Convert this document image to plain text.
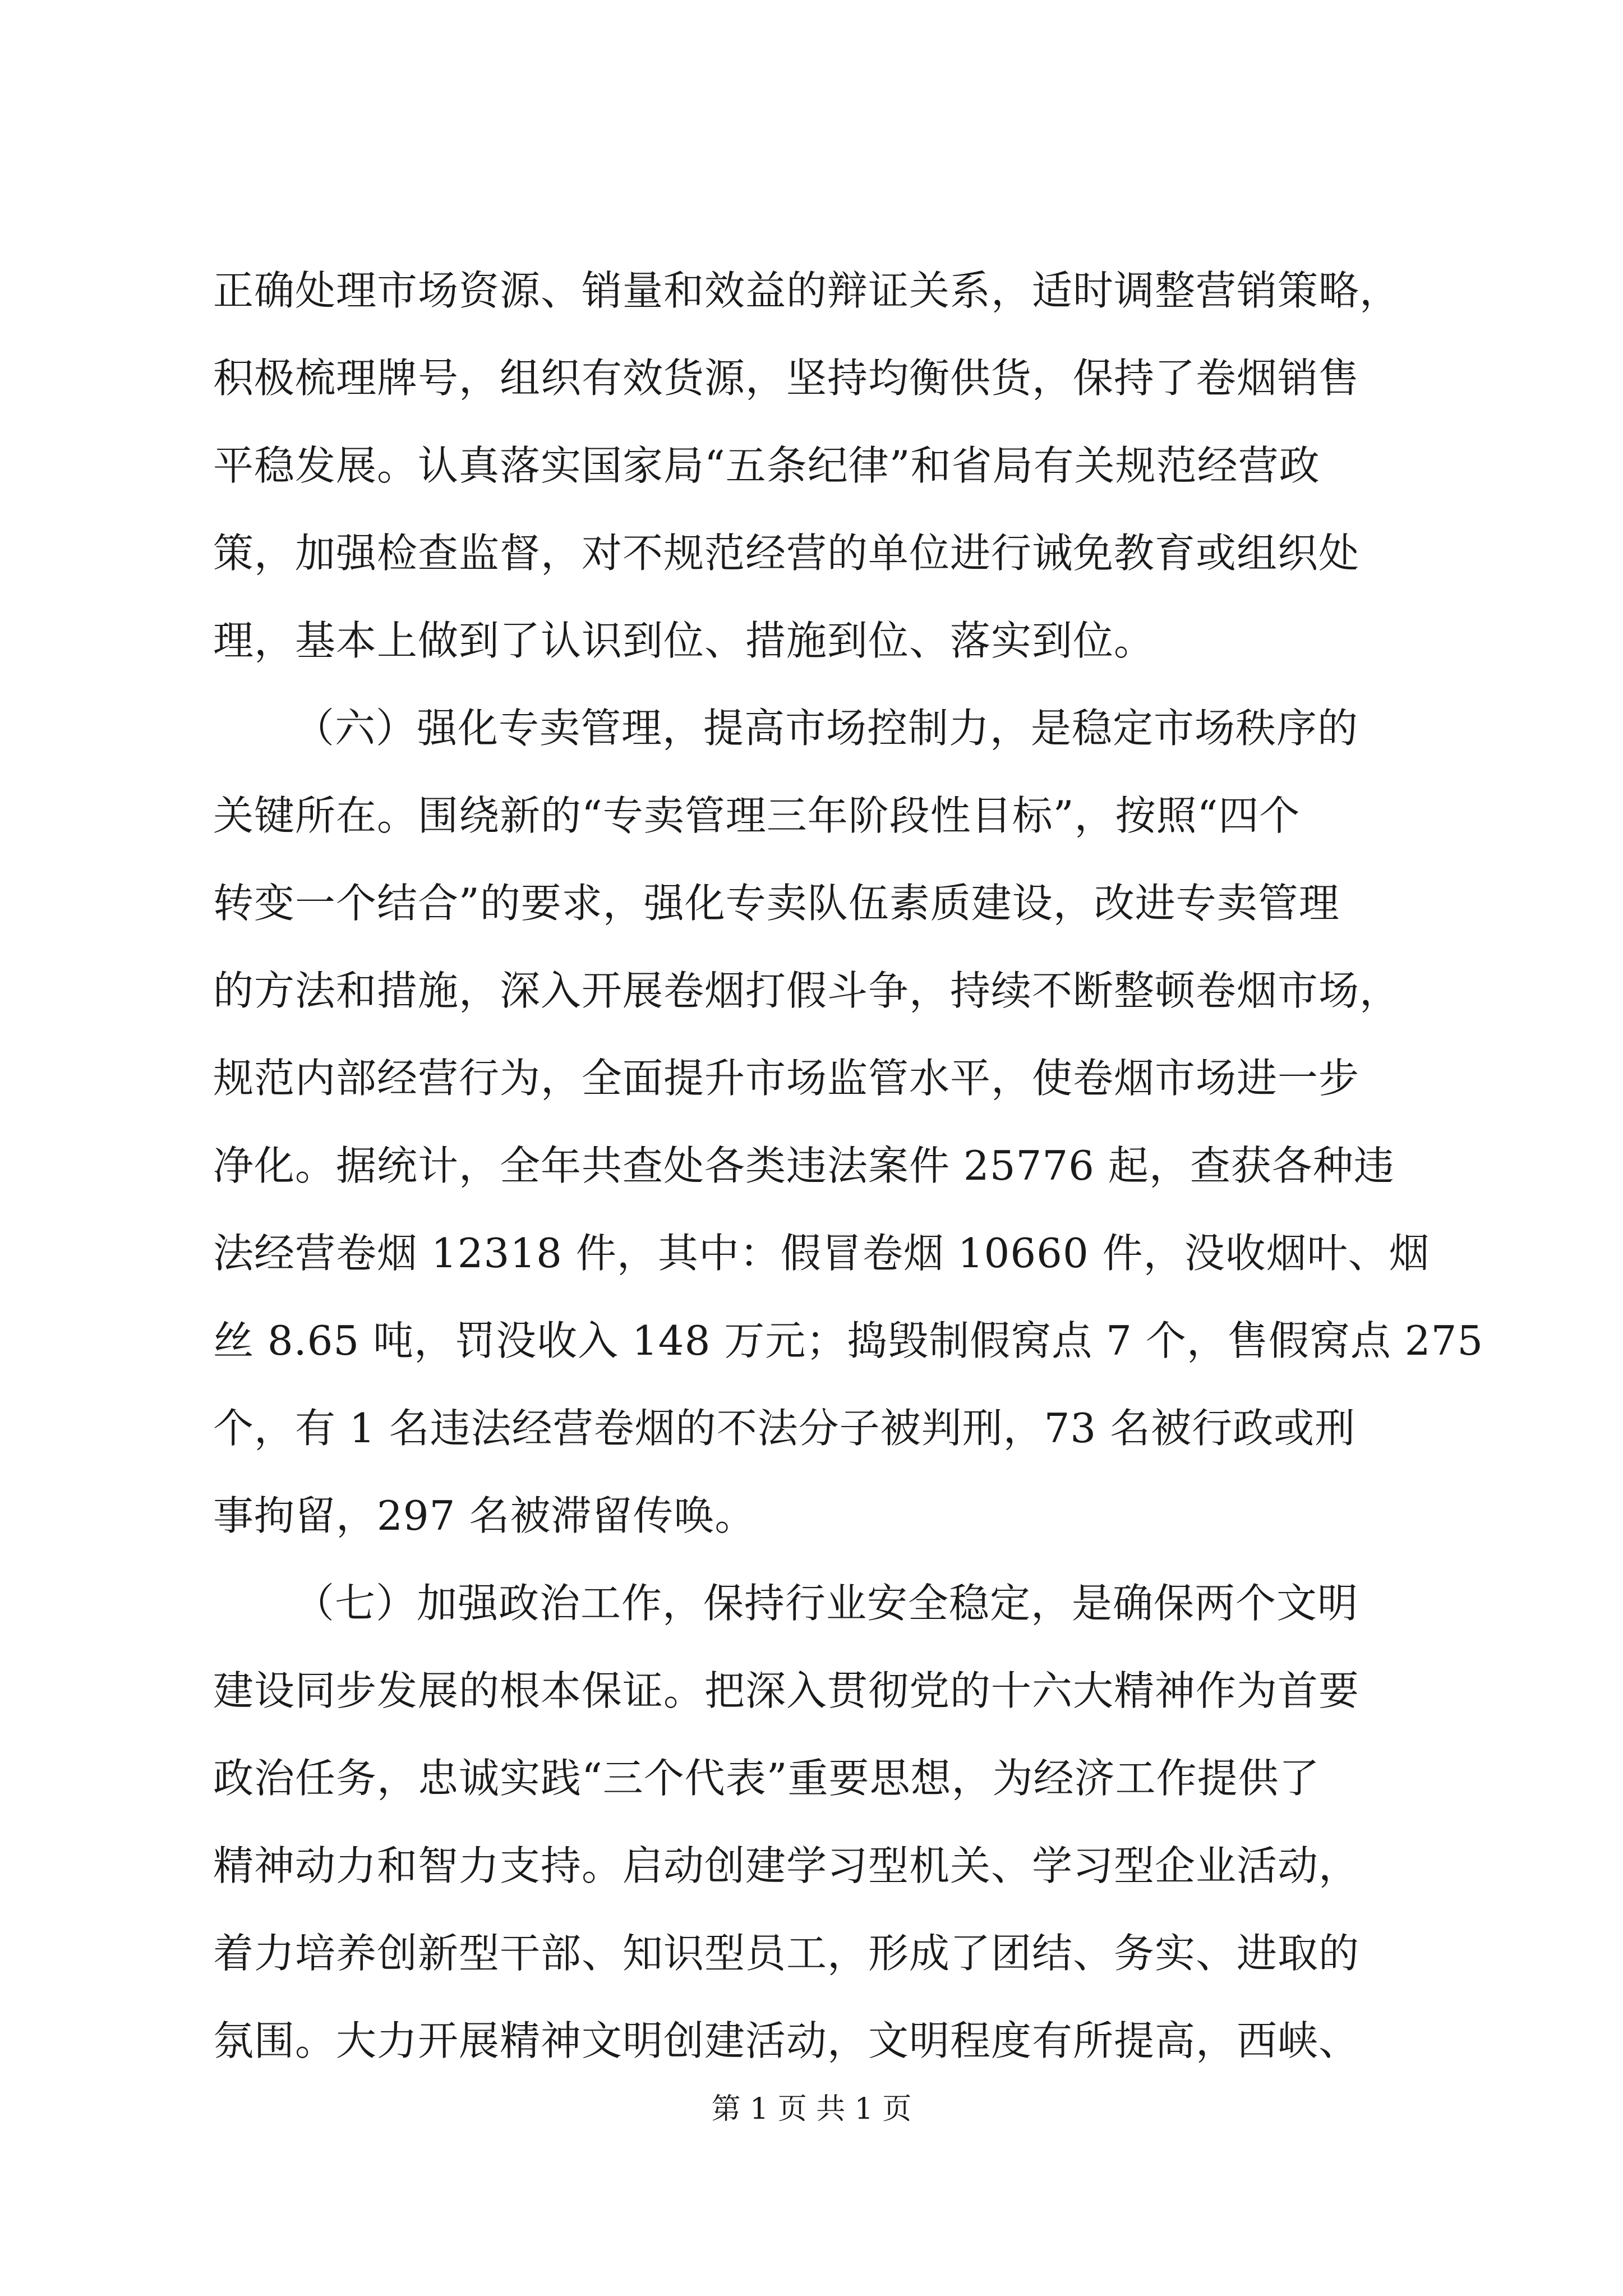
正确处理市场资源、销量和效益的辩证关系，适时调整营销策略，
积极梳理牌号，组织有效货源，坚持均衡供货，保持了卷烟销售
平稳发展。认真落实国家局“五条纪律”和省局有关规范经营政
策，加强检查监督，对不规范经营的单位进行诫免教育或组织处
理，基本上做到了认识到位、措施到位、落实到位。
（六）强化专卖管理，提高市场控制力，是稳定市场秩序的
关键所在。围绕新的“专卖管理三年阶段性目标”，按照“四个
转变一个结合”的要求，强化专卖队伍素质建设，改进专卖管理
的方法和措施，深入开展卷烟打假斗争，持续不断整顿卷烟市场，
规范内部经营行为，全面提升市场监管水平，使卷烟市场进一步
净化。据统计，全年共查处各类违法案件 25776 起，查获各种违
法经营卷烟 12318 件，其中：假冒卷烟 10660 件，没收烟叶、烟
丝 8.65 吨，罚没收入 148 万元；捣毁制假窝点 7 个，售假窝点 275
个，有 1 名违法经营卷烟的不法分子被判刑，73 名被行政或刑
事拘留，297 名被滞留传唤。
（七）加强政治工作，保持行业安全稳定，是确保两个文明
建设同步发展的根本保证。把深入贯彻党的十六大精神作为首要
政治任务，忠诚实践“三个代表”重要思想，为经济工作提供了
精神动力和智力支持。启动创建学习型机关、学习型企业活动，
着力培养创新型干部、知识型员工，形成了团结、务实、进取的
氛围。大力开展精神文明创建活动，文明程度有所提高，西峡、
第 1 页 共 1 页
